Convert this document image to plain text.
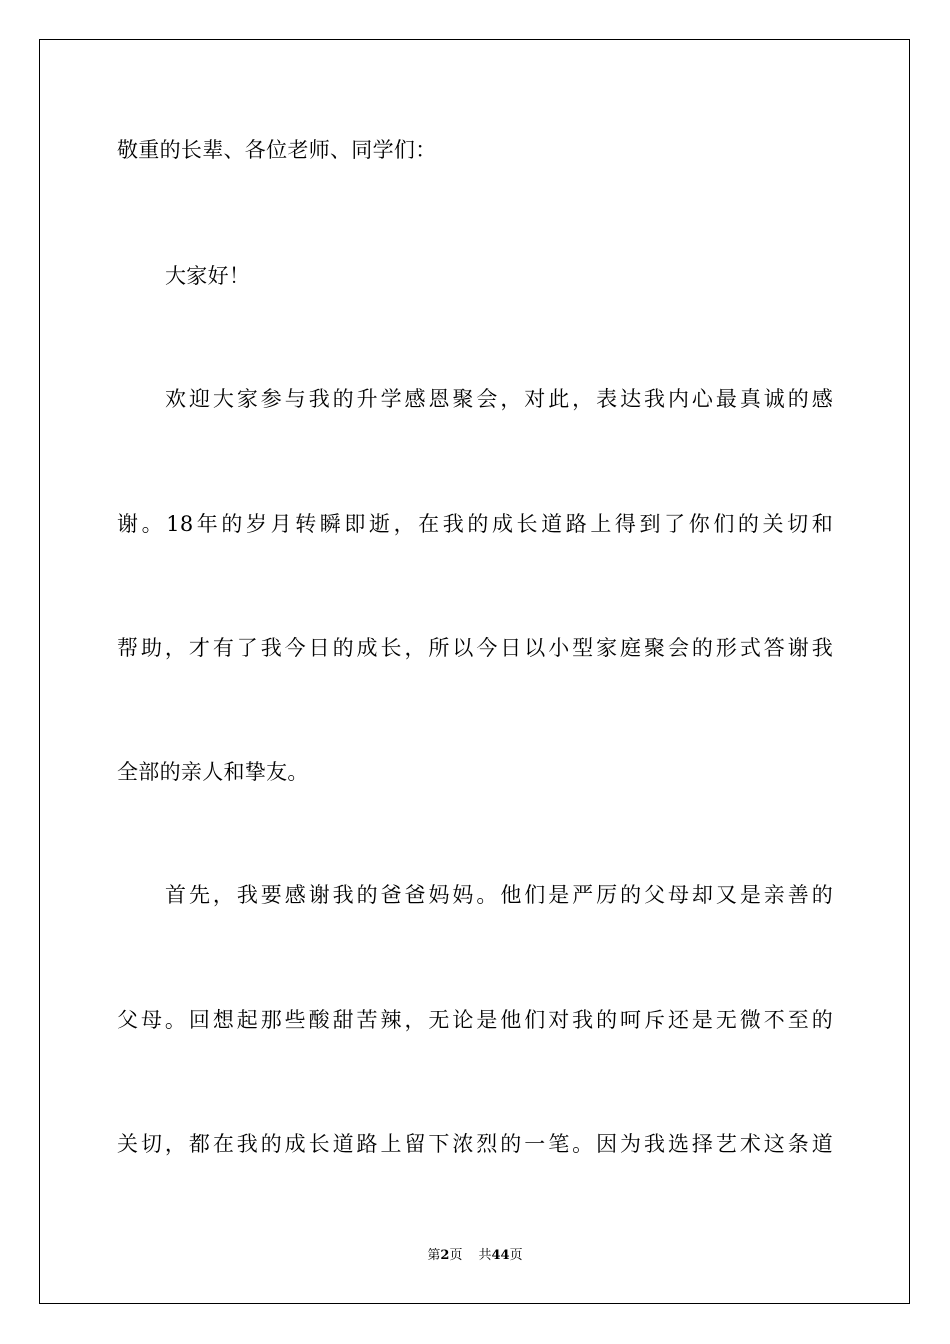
敬重的长辈、各位老师、同学们：
大家好！
欢迎大家参与我的升学感恩聚会，对此，表达我内心最真诚的感
谢。18年的岁月转瞬即逝，在我的成长道路上得到了你们的关切和
帮助，才有了我今日的成长，所以今日以小型家庭聚会的形式答谢我
全部的亲人和挚友。
首先，我要感谢我的爸爸妈妈。他们是严厉的父母却又是亲善的
父母。回想起那些酸甜苦辣，无论是他们对我的呵斥还是无微不至的
关切，都在我的成长道路上留下浓烈的一笔。因为我选择艺术这条道
第2页 共44页
